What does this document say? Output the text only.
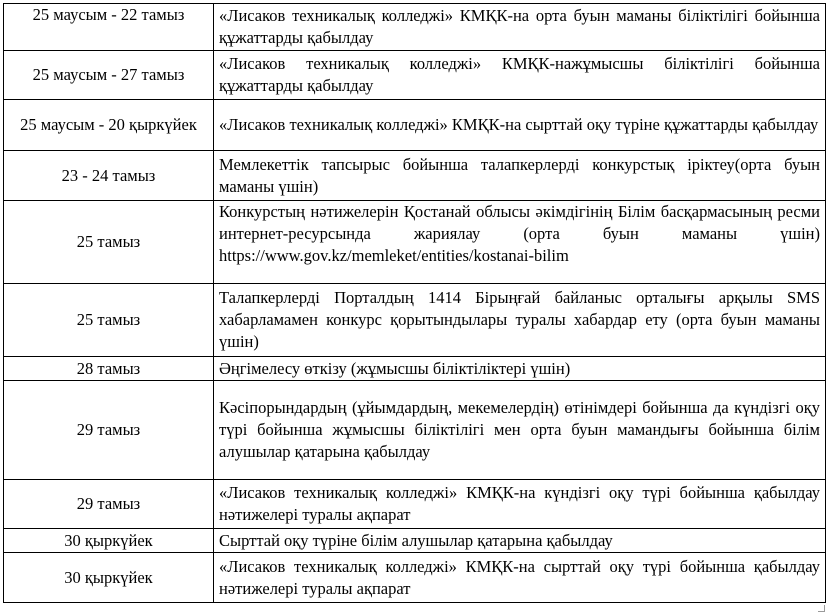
25 маусым - 22 тамыз	«Лисаков техникалық колледжі» КМҚК-на орта буын маманы біліктілігі бойынша құжаттарды қабылдау
25 маусым - 27 тамыз	«Лисаков техникалық колледжі» КМҚК-нажұмысшы біліктілігі бойынша құжаттарды қабылдау
25 маусым - 20 қыркүйек	«Лисаков техникалық колледжі» КМҚК-на сырттай оқу түріне құжаттарды қабылдау
23 - 24 тамыз	Мемлекеттік тапсырыс бойынша талапкерлерді конкурстық іріктеу(орта буын маманы үшін)
25 тамыз	Конкурстың нәтижелерін Қостанай облысы әкімдігінің Білім басқармасының ресми интернет-ресурсында жариялау (орта буын маманы үшін) https://www.gov.kz/memleket/entities/kostanai-bilim
25 тамыз	Талапкерлерді Порталдың 1414 Бірыңғай байланыс орталығы арқылы SMS хабарламамен конкурс қорытындылары туралы хабардар ету (орта буын маманы үшін)
28 тамыз	Әңгімелесу өткізу (жұмысшы біліктіліктері үшін)
29 тамыз	Кәсіпорындардың (ұйымдардың, мекемелердің) өтінімдері бойынша да күндізгі оқу түрі бойынша жұмысшы біліктілігі мен орта буын мамандығы бойынша білім алушылар қатарына қабылдау
29 тамыз	«Лисаков техникалық колледжі» КМҚК-на күндізгі оқу түрі бойынша қабылдау нәтижелері туралы ақпарат
30 қыркүйек	Сырттай оқу түріне білім алушылар қатарына қабылдау
30 қыркүйек	«Лисаков техникалық колледжі» КМҚК-на сырттай оқу түрі бойынша қабылдау нәтижелері туралы ақпарат
